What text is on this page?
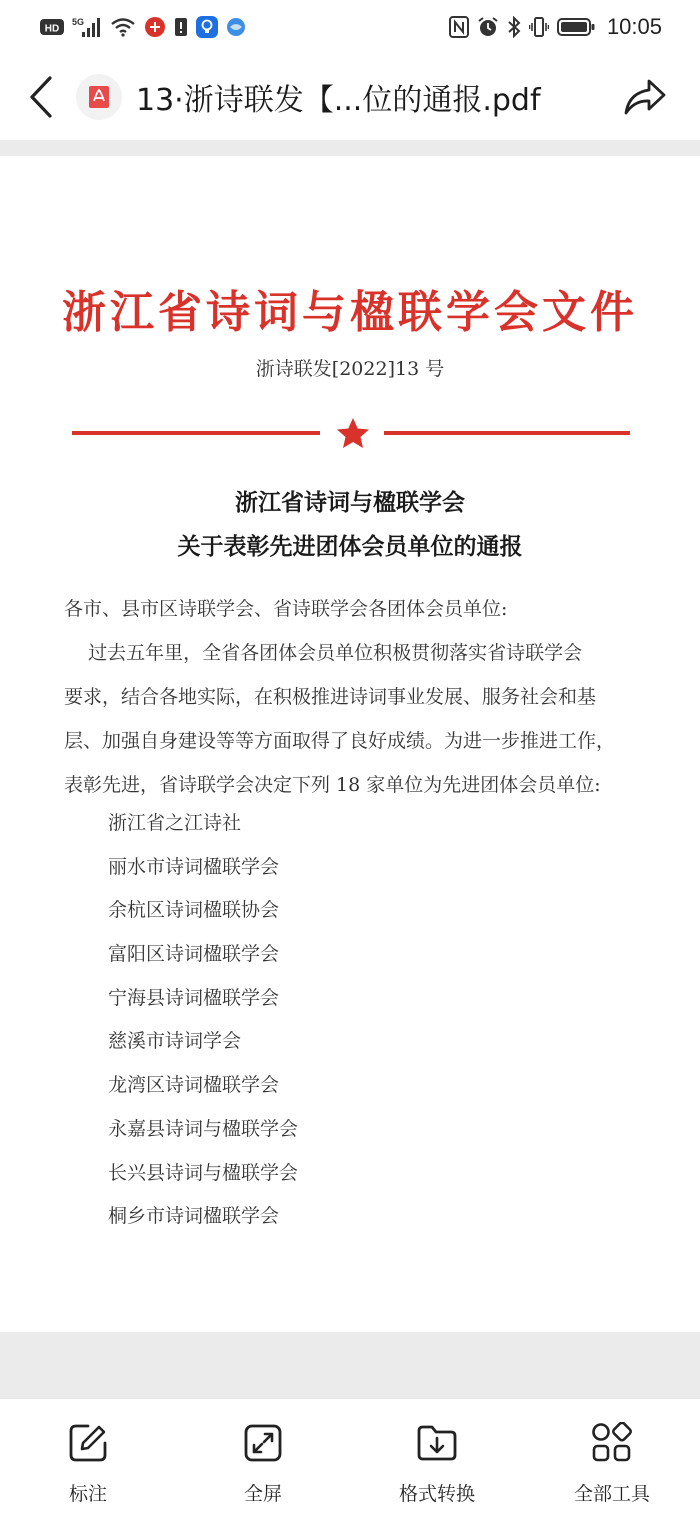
HD
5G	10:05
13·浙诗联发【...位的通报.pdf
浙江省诗词与楹联学会文件
浙诗联发[2022]13 号
浙江省诗词与楹联学会
关于表彰先进团体会员单位的通报
各市、县市区诗联学会、省诗联学会各团体会员单位:
过去五年里，全省各团体会员单位积极贯彻落实省诗联学会
要求，结合各地实际，在积极推进诗词事业发展、服务社会和基
层、加强自身建设等等方面取得了良好成绩。为进一步推进工作，
表彰先进，省诗联学会决定下列 18 家单位为先进团体会员单位:
浙江省之江诗社
丽水市诗词楹联学会
余杭区诗词楹联协会
富阳区诗词楹联学会
宁海县诗词楹联学会
慈溪市诗词学会
龙湾区诗词楹联学会
永嘉县诗词与楹联学会
长兴县诗词与楹联学会
桐乡市诗词楹联学会
标注	全屏	格式转换	全部工具
